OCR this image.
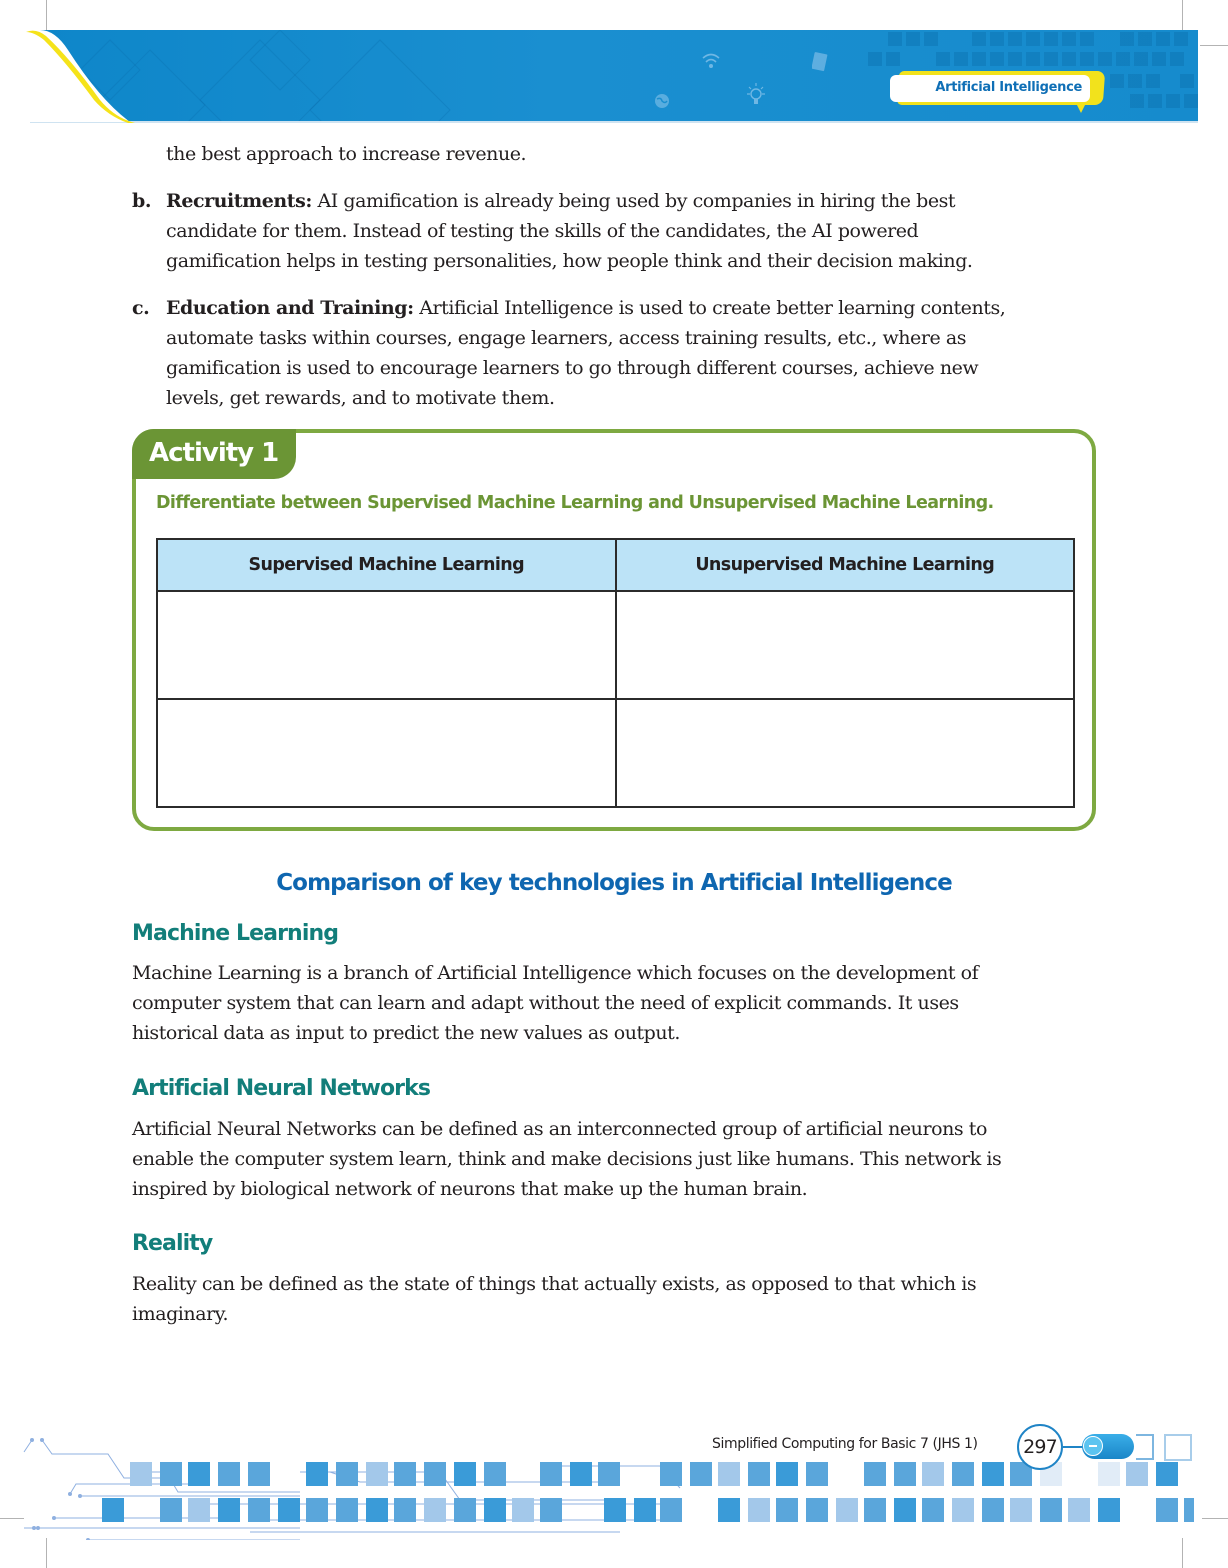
Artificial Intelligence
the best approach to increase revenue.
b. Recruitments: AI gamification is already being used by companies in hiring the best
candidate for them. Instead of testing the skills of the candidates, the AI powered
gamification helps in testing personalities, how people think and their decision making.
c. Education and Training: Artificial Intelligence is used to create better learning contents,
automate tasks within courses, engage learners, access training results, etc., where as
gamification is used to encourage learners to go through different courses, achieve new
levels, get rewards, and to motivate them.
Activity 1
Differentiate between Supervised Machine Learning and Unsupervised Machine Learning.
Supervised Machine Learning	Unsupervised Machine Learning

Comparison of key technologies in Artificial Intelligence
Machine Learning
Machine Learning is a branch of Artificial Intelligence which focuses on the development of
computer system that can learn and adapt without the need of explicit commands. It uses
historical data as input to predict the new values as output.
Artificial Neural Networks
Artificial Neural Networks can be defined as an interconnected group of artificial neurons to
enable the computer system learn, think and make decisions just like humans. This network is
inspired by biological network of neurons that make up the human brain.
Reality
Reality can be defined as the state of things that actually exists, as opposed to that which is
imaginary.
Simplified Computing for Basic 7 (JHS 1)	297
